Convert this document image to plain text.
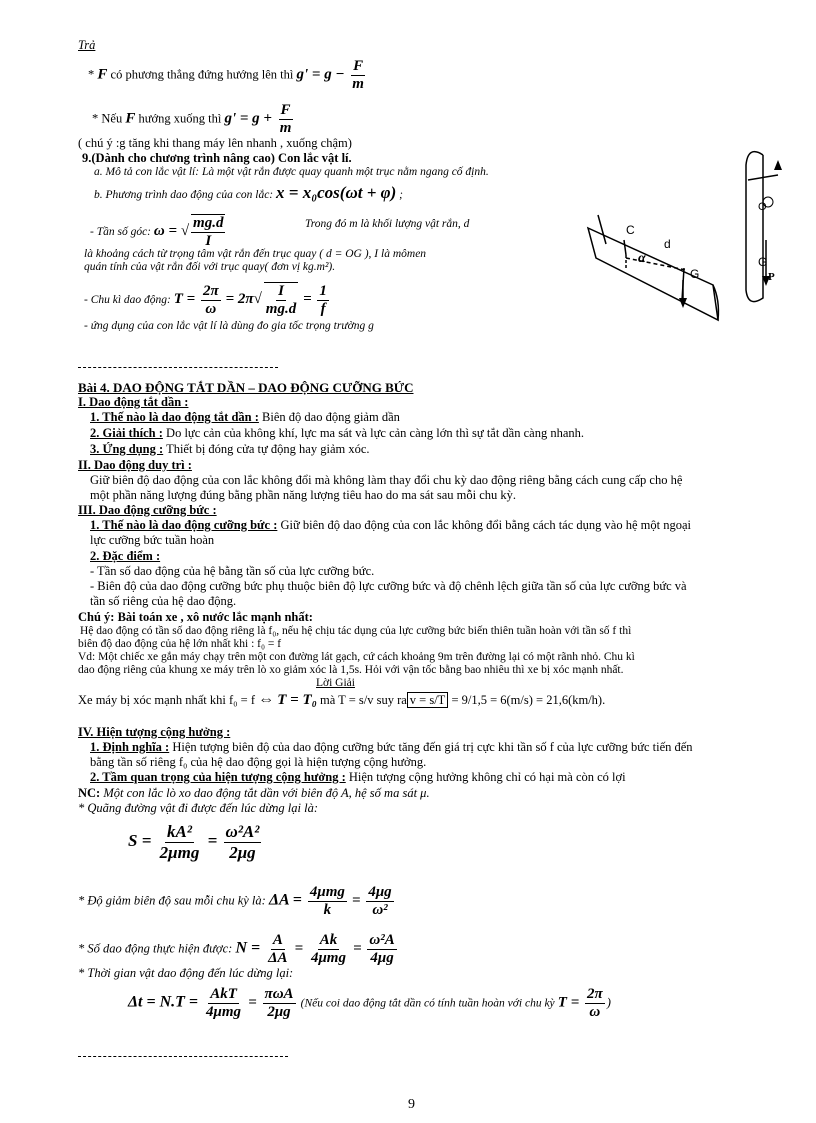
Trả
* F có phương thẳng đứng hướng lên thì $g' = g - \frac{F}{m}$
* Nếu F hướng xuống thì $g' = g + \frac{F}{m}$
( chú ý :g tăng khi thang máy lên nhanh , xuống chậm)
9.(Dành cho chương trình nâng cao) Con lắc vật lí.
a. Mô tả con lắc vật lí: Là một vật rắn được quay quanh một trục nằm ngang cố định.
b. Phương trình dao động của con lắc: x = x₀cos(ωt + φ) ;
- Tần số góc: ω = √ $\frac{mg.d}{I}$	Trong đó m là khối lượng vật rắn, d
là khoảng cách từ trọng tâm vật rắn đến trục quay ( d = OG ), I là mômen
quán tính của vật rắn đối với trục quay( đơn vị kg.m²).
- Chu kì dao động: $T = \frac{2\pi}{\omega} = 2\pi√ \frac{I}{mg.d} = \frac{1}{f}$
- ứng dụng của con lắc vật lí là dùng đo gia tốc trọng trường g
C
d
α
G
O
G
P
Bài 4. DAO ĐỘNG TẮT DẦN – DAO ĐỘNG CƯỠNG BỨC
I. Dao động tắt dần :
1. Thế nào là dao động tắt dần : Biên độ dao động giảm dần
2. Giải thích : Do lực cản của không khí, lực ma sát và lực cản càng lớn thì sự tắt dần càng nhanh.
3. Ứng dụng : Thiết bị đóng cửa tự động hay giảm xóc.
II. Dao động duy trì :
Giữ biên độ dao động của con lắc không đổi mà không làm thay đổi chu kỳ dao động riêng bằng cách cung cấp cho hệ
một phần năng lượng đúng bằng phần năng lượng tiêu hao do ma sát sau mỗi chu kỳ.
III. Dao động cưỡng bức :
1. Thế nào là dao động cưỡng bức : Giữ biên độ dao động của con lắc không đổi bằng cách tác dụng vào hệ một ngoại
lực cưỡng bức tuần hoàn
2. Đặc điểm :
- Tần số dao động của hệ bằng tần số của lực cưỡng bức.
- Biên độ của dao động cưỡng bức phụ thuộc biên độ lực cưỡng bức và độ chênh lệch giữa tần số của lực cưỡng bức và
tần số riêng của hệ dao động.
Chú ý: Bài toán xe , xô nước lắc mạnh nhất:
Hệ dao động có tần số dao động riêng là f₀, nếu hệ chịu tác dụng của lực cưỡng bức biến thiên tuần hoàn với tần số f thì
biên độ dao động của hệ lớn nhất khi : f₀ = f
Vd: Một chiếc xe gắn máy chạy trên một con đường lát gạch, cứ cách khoảng 9m trên đường lại có một rãnh nhỏ. Chu kì
dao động riêng của khung xe máy trên lò xo giảm xóc là 1,5s. Hỏi với vận tốc bằng bao nhiêu thì xe bị xóc mạnh nhất.
Lời Giải
Xe máy bị xóc mạnh nhất khi f₀ = f ⇔ T = T₀ mà T = s/v suy ra v = s/T = 9/1,5 = 6(m/s) = 21,6(km/h).
IV. Hiện tượng cộng hưởng :
1. Định nghĩa : Hiện tượng biên độ của dao động cưỡng bức tăng đến giá trị cực khi tần số f của lực cưỡng bức tiến đến
bằng tần số riêng f₀ của hệ dao động gọi là hiện tượng cộng hưởng.
2. Tầm quan trọng của hiện tượng cộng hưởng : Hiện tượng cộng hưởng không chỉ có hại mà còn có lợi
NC: Một con lắc lò xo dao động tắt dần với biên độ A, hệ số ma sát μ.
* Quãng đường vật đi được đến lúc dừng lại là:
$S = \frac{\text{kA²}}{\text{2μmg}} = \frac{\text{ω²A²}}{2\mu g}$
* Độ giảm biên độ sau mỗi chu kỳ là: $\Delta A = \frac{\text{4μmg}}{k} = \frac{4\mu g}{\text{ω²}}$
* Số dao động thực hiện được: $N = \frac{A}{\Delta A} = \frac{Ak}{\text{4μmg}} = \frac{\text{ω²A}}{4\mu g}$
* Thời gian vật dao động đến lúc dừng lại:
$\Delta t = N.T = \frac{\text{AkT}}{\text{4μmg}} = \frac{\text{πωA}}{2\mu g}$ (Nếu coi dao động tắt dần có tính tuần hoàn với chu kỳ $T = \frac{2\pi}{\omega}$ )
9
